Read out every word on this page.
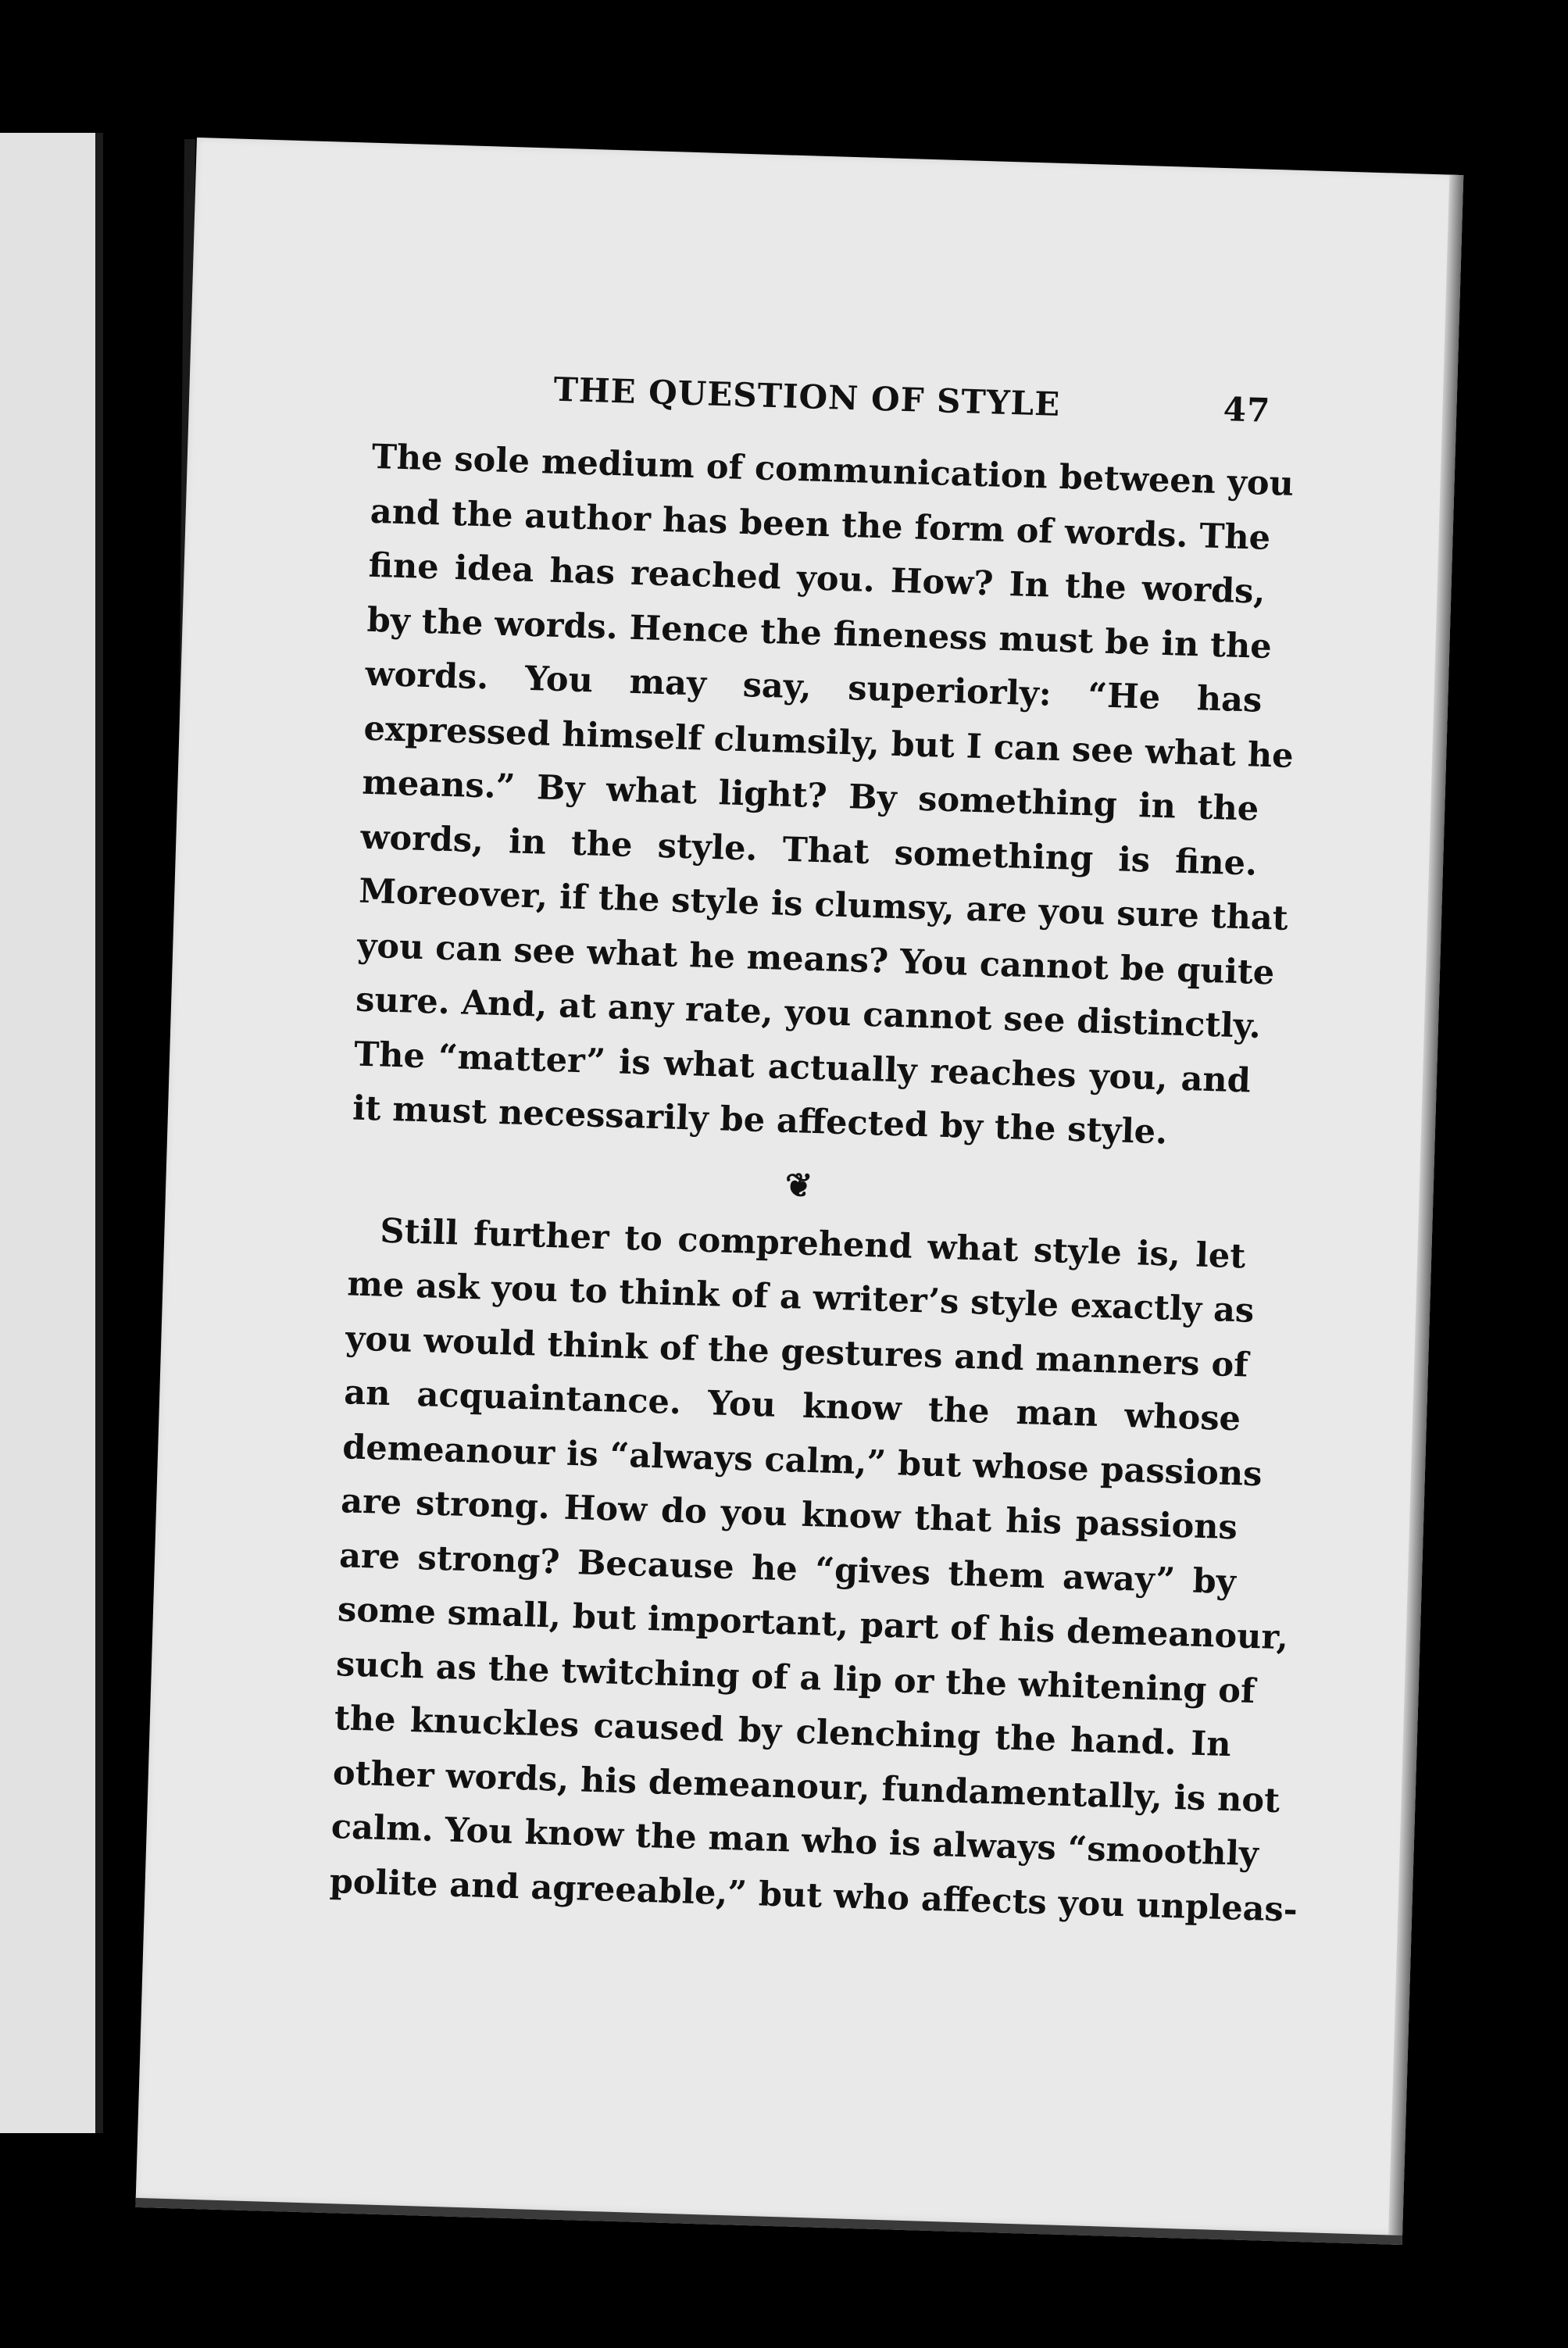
THE QUESTION OF STYLE	47

The sole medium of communication between you
and the author has been the form of words. The
fine idea has reached you. How? In the words,
by the words. Hence the fineness must be in the
words. You may say, superiorly: “He has
expressed himself clumsily, but I can see what he
means.” By what light? By something in the
words, in the style. That something is fine.
Moreover, if the style is clumsy, are you sure that
you can see what he means? You cannot be quite
sure. And, at any rate, you cannot see distinctly.
The “matter” is what actually reaches you, and
it must necessarily be affected by the style.

❦

Still further to comprehend what style is, let
me ask you to think of a writer’s style exactly as
you would think of the gestures and manners of
an acquaintance. You know the man whose
demeanour is “always calm,” but whose passions
are strong. How do you know that his passions
are strong? Because he “gives them away” by
some small, but important, part of his demeanour,
such as the twitching of a lip or the whitening of
the knuckles caused by clenching the hand. In
other words, his demeanour, fundamentally, is not
calm. You know the man who is always “smoothly
polite and agreeable,” but who affects you unpleas-
